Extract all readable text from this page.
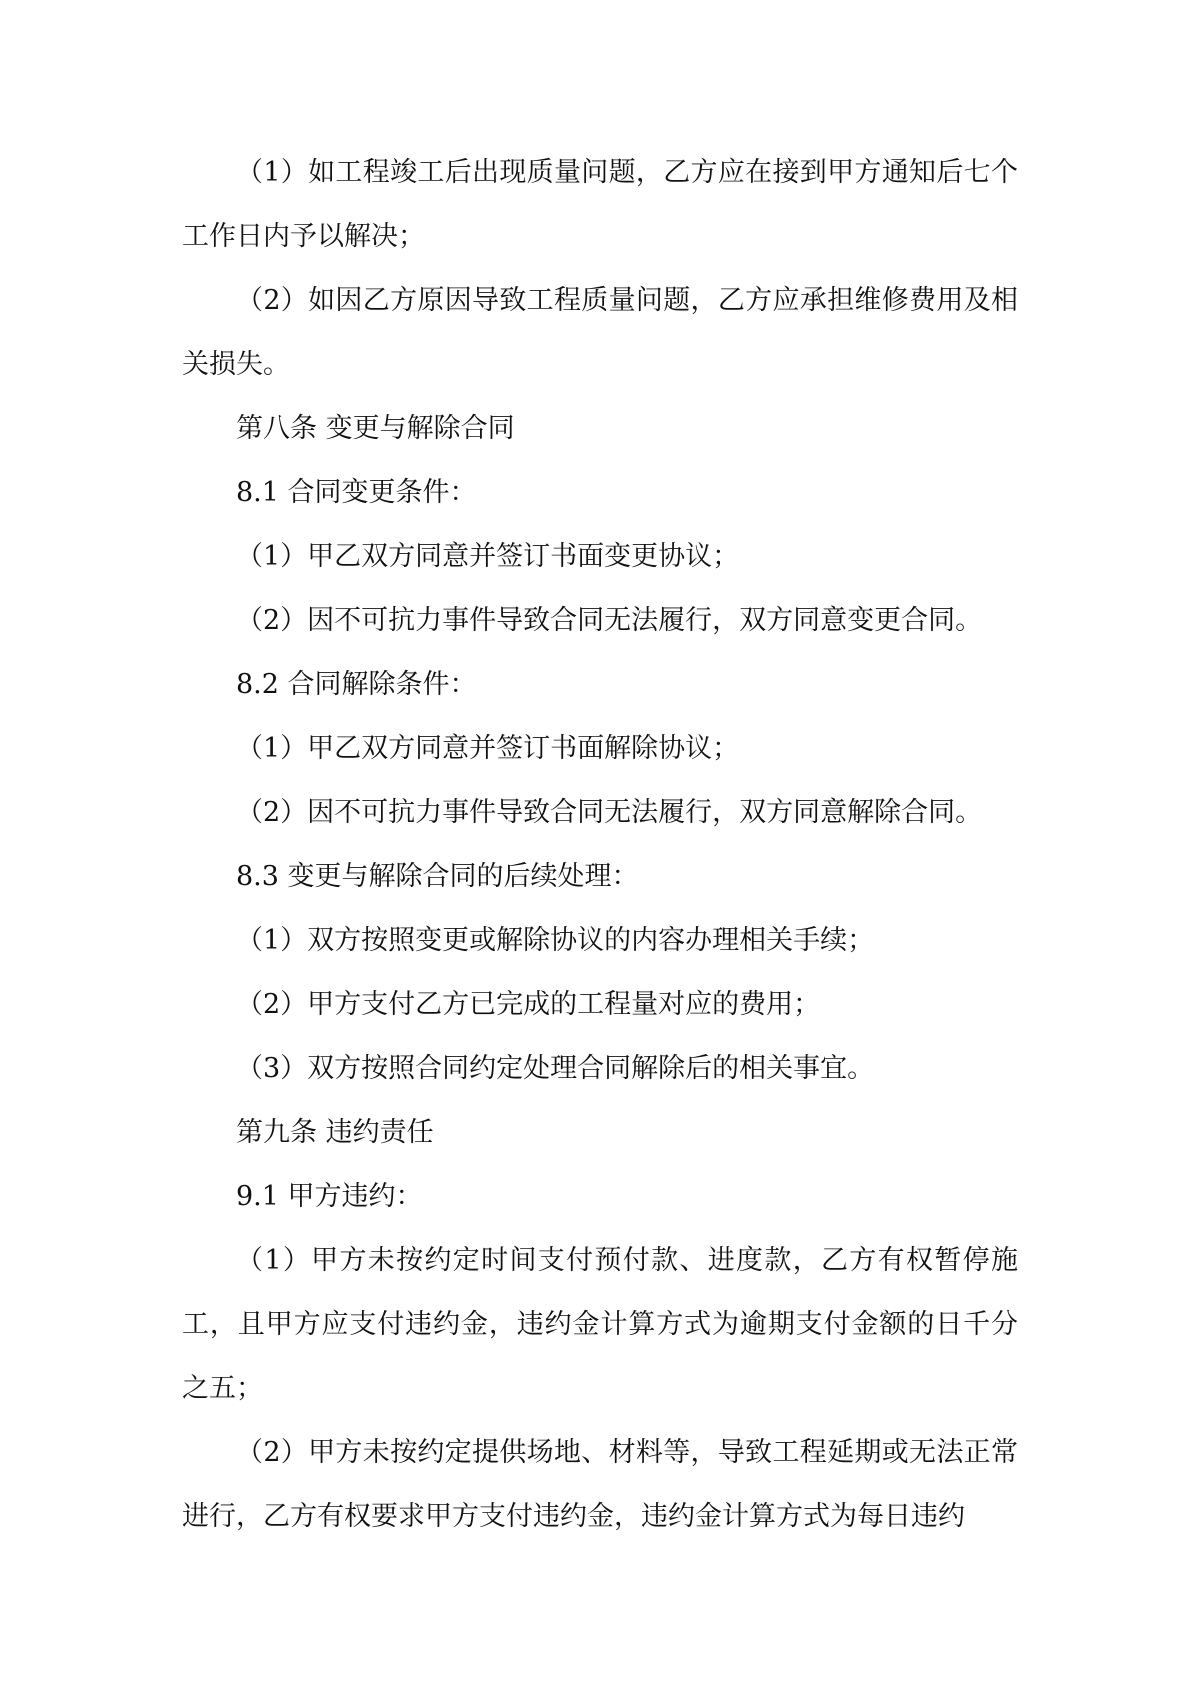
（1）如工程竣工后出现质量问题，乙方应在接到甲方通知后七个工作日内予以解决；

（2）如因乙方原因导致工程质量问题，乙方应承担维修费用及相关损失。

第八条 变更与解除合同

8.1 合同变更条件：

（1）甲乙双方同意并签订书面变更协议；

（2）因不可抗力事件导致合同无法履行，双方同意变更合同。

8.2 合同解除条件：

（1）甲乙双方同意并签订书面解除协议；

（2）因不可抗力事件导致合同无法履行，双方同意解除合同。

8.3 变更与解除合同的后续处理：

（1）双方按照变更或解除协议的内容办理相关手续；

（2）甲方支付乙方已完成的工程量对应的费用；

（3）双方按照合同约定处理合同解除后的相关事宜。

第九条 违约责任

9.1 甲方违约：

（1）甲方未按约定时间支付预付款、进度款，乙方有权暂停施工，且甲方应支付违约金，违约金计算方式为逾期支付金额的日千分之五；

（2）甲方未按约定提供场地、材料等，导致工程延期或无法正常进行，乙方有权要求甲方支付违约金，违约金计算方式为每日违约
